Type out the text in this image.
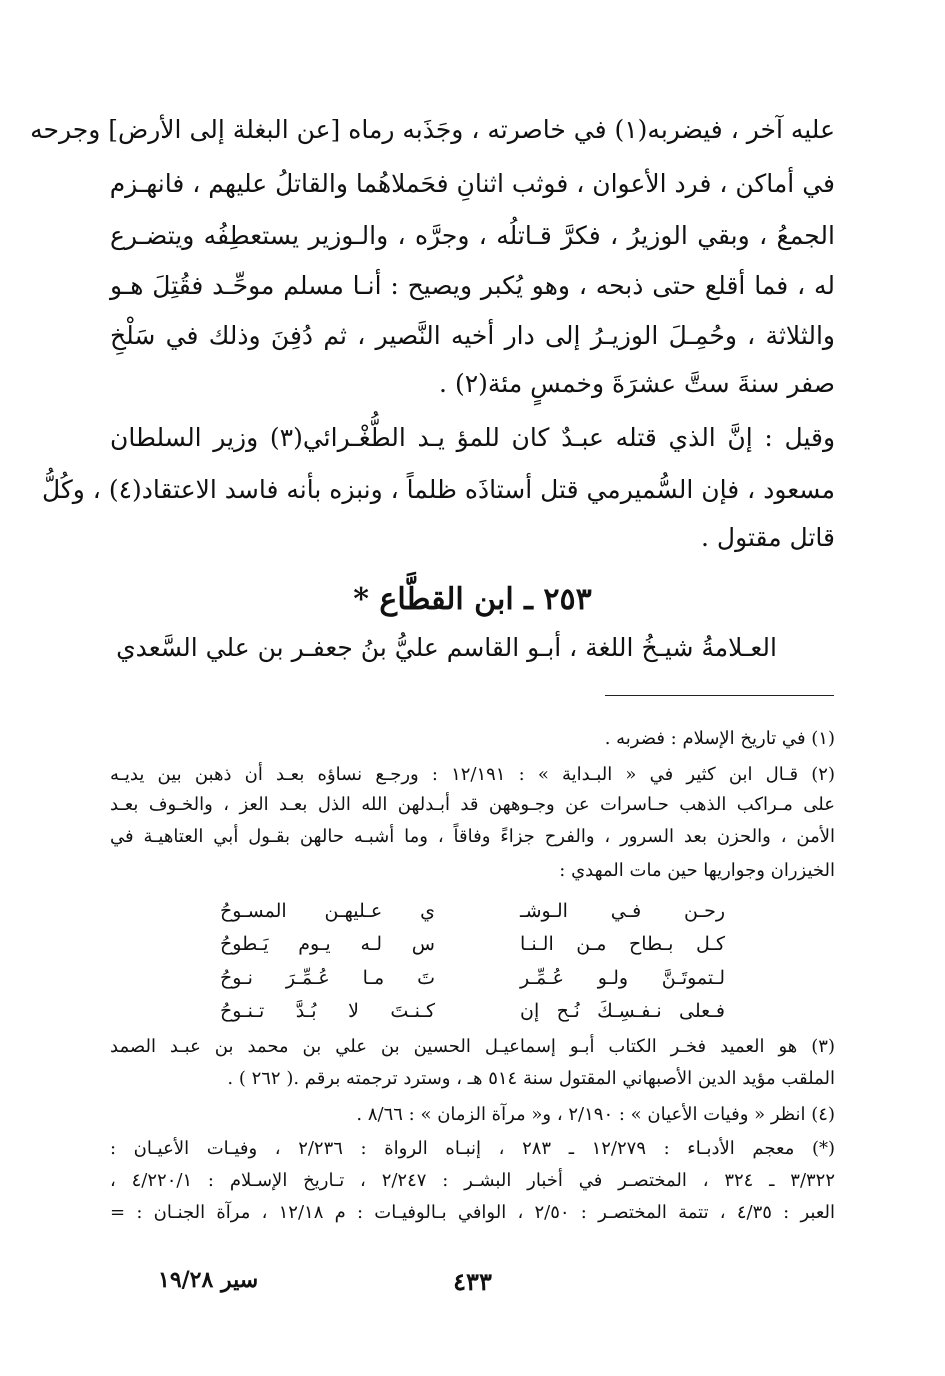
عليه آخر ، فيضربه(١) في خاصرته ، وجَذَبه رماه [عن البغلة إلى الأرض] وجرحه
في أماكن ، فرد الأعوان ، فوثب اثنانِ فحَملاهُما والقاتلُ عليهم ، فانهـزم
الجمعُ ، وبقي الوزيرُ ، فكرَّ قـاتلُه ، وجرَّه ، والـوزير يستعطِفُه ويتضـرع
له ، فما أقلع حتى ذبحه ، وهو يُكبر ويصيح : أنـا مسلم موحِّـد فقُتِلَ هـو
والثلاثة ، وحُمِـلَ الوزيـرُ إلى دار أخيه النَّصير ، ثم دُفِنَ وذلك في سَلْخِ
صفر سنةَ ستَّ عشرَةَ وخمسٍ مئة(٢) .
وقيل : إنَّ الذي قتله عبـدٌ كان للمؤ يـد الطُّغْـرائي(٣) وزير السلطان
مسعود ، فإن السُّميرمي قتل أستاذَه ظلماً ، ونبزه بأنه فاسد الاعتقاد(٤) ، وكُلُّ
قاتل مقتول .
٢٥٣ ـ ابن القطَّاع *
العـلامةُ شيـخُ اللغة ، أبـو القاسم عليُّ بنُ جعفـر بن علي السَّعدي
(١) في تاريخ الإسلام : فضربه .
(٢) قـال ابن كثير في « البـداية » : ١٢/١٩١ : ورجـع نساؤه بعـد أن ذهبن بين يديـه
على مـراكب الذهب حـاسرات عن وجـوههن قد أبـدلهن الله الذل بعـد العز ، والخـوف بعـد
الأمن ، والحزن بعد السرور ، والفرح جزاءً وفاقاً ، وما أشبـه حالهن بقـول أبي العتاهيـة في
الخيزران وجواريها حين مات المهدي :
رحـن فـي الـوشـ
ي عـليهـن المسـوحُ
كـل بـطاح مـن الـنـا
س لـه يـوم يَـطوحُ
لـتموتَـنَّ ولـو عُـمِّـر
تَ مـا عُـمِّـرَ نـوحُ
فـعلى نـفـسِـكَ نُـح إن
كـنـتَ لا بُـدَّ تـنـوحُ
(٣) هو العميد فخـر الكتاب أبـو إسماعيـل الحسين بن علي بن محمد بن عبـد الصمد
الملقب مؤيد الدين الأصبهاني المقتول سنة ٥١٤ هـ ، وسترد ترجمته برقم .( ٢٦٢ ) .
(٤) انظر « وفيات الأعيان » : ٢/١٩٠ ، و« مرآة الزمان » : ٨/٦٦ .
(*) معجم الأدبـاء : ١٢/٢٧٩ ـ ٢٨٣ ، إنبـاه الرواة : ٢/٢٣٦ ، وفيـات الأعيـان :
٣/٣٢٢ ـ ٣٢٤ ، المختصـر في أخبار البشـر : ٢/٢٤٧ ، تـاريخ الإسـلام : ٤/٢٢٠/١ ،
العبر : ٤/٣٥ ، تتمة المختصـر : ٢/٥٠ ، الوافي بـالوفيـات : م ١٢/١٨ ، مرآة الجنـان : =
٤٣٣
سير ١٩/٢٨
